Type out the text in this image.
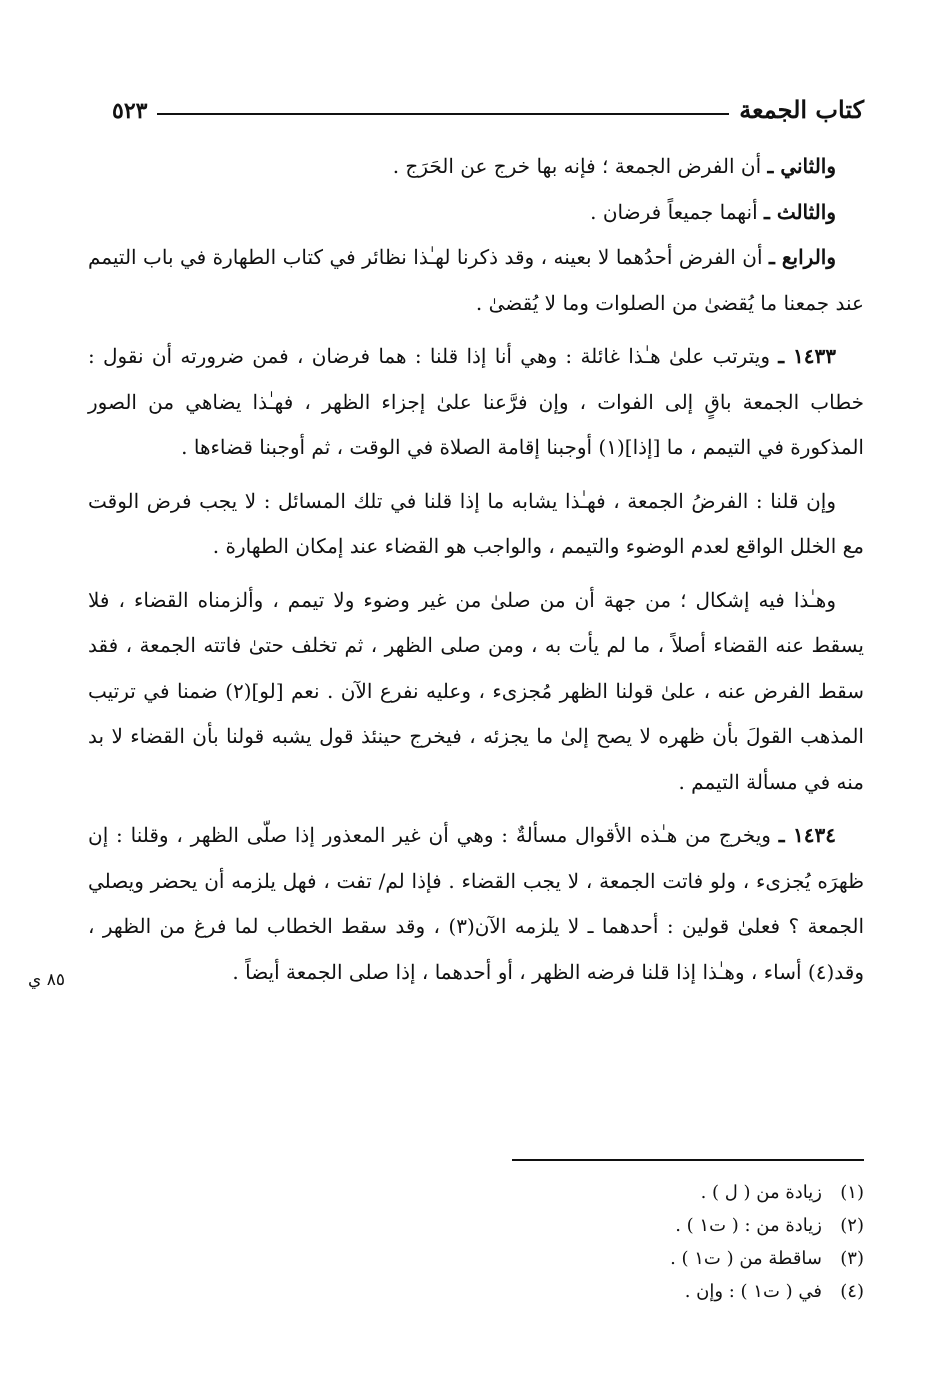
كتاب الجمعة
٥٢٣

والثاني ـ أن الفرض الجمعة ؛ فإنه بها خرج عن الحَرَج .

والثالث ـ أنهما جميعاً فرضان .

والرابع ـ أن الفرض أحدُهما لا بعينه ، وقد ذكرنا لهـٰذا نظائر في كتاب الطهارة في باب التيمم عند جمعنا ما يُقضىٰ من الصلوات وما لا يُقضىٰ .

١٤٣٣ ـ ويترتب علىٰ هـٰذا غائلة : وهي أنا إذا قلنا : هما فرضان ، فمن ضرورته أن نقول : خطاب الجمعة باقٍ إلى الفوات ، وإن فرَّعنا علىٰ إجزاء الظهر ، فهـٰذا يضاهي من الصور المذكورة في التيمم ، ما [إذا](١) أوجبنا إقامة الصلاة في الوقت ، ثم أوجبنا قضاءها .

وإن قلنا : الفرضُ الجمعة ، فهـٰذا يشابه ما إذا قلنا في تلك المسائل : لا يجب فرض الوقت مع الخلل الواقع لعدم الوضوء والتيمم ، والواجب هو القضاء عند إمكان الطهارة .

وهـٰذا فيه إشكال ؛ من جهة أن من صلىٰ من غير وضوء ولا تيمم ، وألزمناه القضاء ، فلا يسقط عنه القضاء أصلاً ، ما لم يأت به ، ومن صلى الظهر ، ثم تخلف حتىٰ فاتته الجمعة ، فقد سقط الفرض عنه ، علىٰ قولنا الظهر مُجزىء ، وعليه نفرع الآن . نعم [لو](٢) ضمنا في ترتيب المذهب القولَ بأن ظهره لا يصح إلىٰ ما يجزئه ، فيخرج حينئذ قول يشبه قولنا بأن القضاء لا بد منه في مسألة التيمم .

١٤٣٤ ـ ويخرج من هـٰذه الأقوال مسألةٌ : وهي أن غير المعذور إذا صلّى الظهر ، وقلنا : إن ظهرَه يُجزىء ، ولو فاتت الجمعة ، لا يجب القضاء . فإذا لم/ تفت ، فهل يلزمه أن يحضر ويصلي الجمعة ؟ فعلىٰ قولين : أحدهما ـ لا يلزمه الآن(٣) ، وقد سقط الخطاب لما فرغ من الظهر ، وقد(٤) أساء ، وهـٰذا إذا قلنا فرضه الظهر ، أو أحدهما ، إذا صلى الجمعة أيضاً .

٨٥ ي
(١)
زيادة من ( ل ) .
(٢)
زيادة من : ( ت١ ) .
(٣)
ساقطة من ( ت١ ) .
(٤)
في ( ت١ ) : وإن .
